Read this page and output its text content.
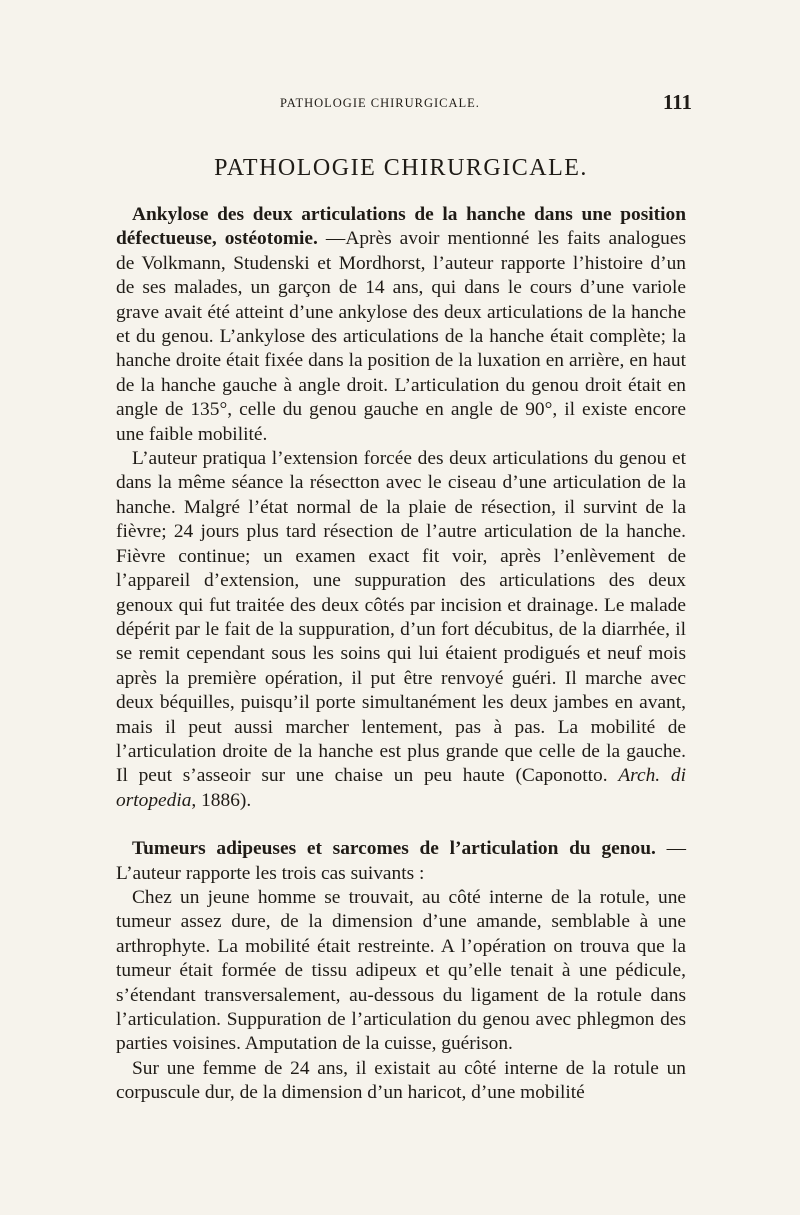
PATHOLOGIE CHIRURGICALE.	111
PATHOLOGIE CHIRURGICALE.

Ankylose des deux articulations de la hanche dans une position défectueuse, ostéotomie. —Après avoir mentionné les faits analogues de Volkmann, Studenski et Mordhorst, l’auteur rapporte l’histoire d’un de ses malades, un garçon de 14 ans, qui dans le cours d’une variole grave avait été atteint d’une ankylose des deux articulations de la hanche et du genou. L’ankylose des articulations de la hanche était complète; la hanche droite était fixée dans la position de la luxation en arrière, en haut de la hanche gauche à angle droit. L’articulation du genou droit était en angle de 135°, celle du genou gauche en angle de 90°, il existe encore une faible mobilité.

L’auteur pratiqua l’extension forcée des deux articulations du genou et dans la même séance la résectton avec le ciseau d’une articulation de la hanche. Malgré l’état normal de la plaie de résection, il survint de la fièvre; 24 jours plus tard résection de l’autre articulation de la hanche. Fièvre continue; un examen exact fit voir, après l’enlèvement de l’appareil d’extension, une suppuration des articulations des deux genoux qui fut traitée des deux côtés par incision et drainage. Le malade dépérit par le fait de la suppuration, d’un fort décubitus, de la diarrhée, il se remit cependant sous les soins qui lui étaient prodigués et neuf mois après la première opération, il put être renvoyé guéri. Il marche avec deux béquilles, puisqu’il porte simultanément les deux jambes en avant, mais il peut aussi marcher lentement, pas à pas. La mobilité de l’articulation droite de la hanche est plus grande que celle de la gauche. Il peut s’asseoir sur une chaise un peu haute (Caponotto. Arch. di ortopedia, 1886).

Tumeurs adipeuses et sarcomes de l’articulation du genou. — L’auteur rapporte les trois cas suivants :

Chez un jeune homme se trouvait, au côté interne de la rotule, une tumeur assez dure, de la dimension d’une amande, semblable à une arthrophyte. La mobilité était restreinte. A l’opération on trouva que la tumeur était formée de tissu adipeux et qu’elle tenait à une pédicule, s’étendant transversalement, au-dessous du ligament de la rotule dans l’articulation. Suppuration de l’articulation du genou avec phlegmon des parties voisines. Amputation de la cuisse, guérison.

Sur une femme de 24 ans, il existait au côté interne de la rotule un corpuscule dur, de la dimension d’un haricot, d’une mobilité
